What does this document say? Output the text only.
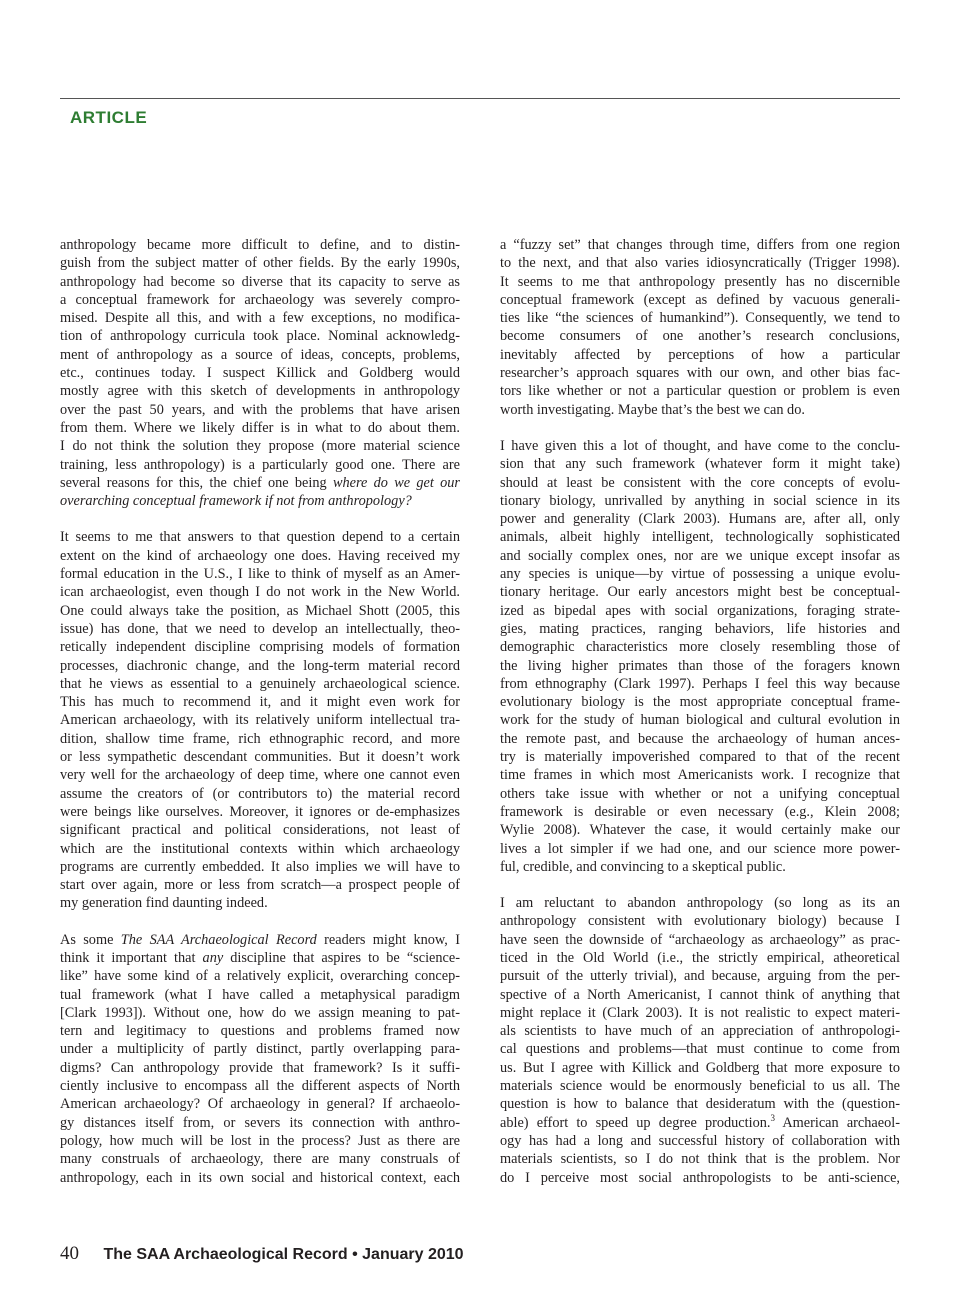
ARTICLE

anthropology became more difficult to define, and to distin-
guish from the subject matter of other fields. By the early 1990s,
anthropology had become so diverse that its capacity to serve as
a conceptual framework for archaeology was severely compro-
mised. Despite all this, and with a few exceptions, no modifica-
tion of anthropology curricula took place. Nominal acknowledg-
ment of anthropology as a source of ideas, concepts, problems,
etc., continues today. I suspect Killick and Goldberg would
mostly agree with this sketch of developments in anthropology
over the past 50 years, and with the problems that have arisen
from them. Where we likely differ is in what to do about them.
I do not think the solution they propose (more material science
training, less anthropology) is a particularly good one. There are
several reasons for this, the chief one being where do we get our
overarching conceptual framework if not from anthropology?

It seems to me that answers to that question depend to a certain
extent on the kind of archaeology one does. Having received my
formal education in the U.S., I like to think of myself as an Amer-
ican archaeologist, even though I do not work in the New World.
One could always take the position, as Michael Shott (2005, this
issue) has done, that we need to develop an intellectually, theo-
retically independent discipline comprising models of formation
processes, diachronic change, and the long-term material record
that he views as essential to a genuinely archaeological science.
This has much to recommend it, and it might even work for
American archaeology, with its relatively uniform intellectual tra-
dition, shallow time frame, rich ethnographic record, and more
or less sympathetic descendant communities. But it doesn’t work
very well for the archaeology of deep time, where one cannot even
assume the creators of (or contributors to) the material record
were beings like ourselves. Moreover, it ignores or de-emphasizes
significant practical and political considerations, not least of
which are the institutional contexts within which archaeology
programs are currently embedded. It also implies we will have to
start over again, more or less from scratch—a prospect people of
my generation find daunting indeed.

As some The SAA Archaeological Record readers might know, I
think it important that any discipline that aspires to be “science-
like” have some kind of a relatively explicit, overarching concep-
tual framework (what I have called a metaphysical paradigm
[Clark 1993]). Without one, how do we assign meaning to pat-
tern and legitimacy to questions and problems framed now
under a multiplicity of partly distinct, partly overlapping para-
digms? Can anthropology provide that framework? Is it suffi-
ciently inclusive to encompass all the different aspects of North
American archaeology? Of archaeology in general? If archaeolo-
gy distances itself from, or severs its connection with anthro-
pology, how much will be lost in the process? Just as there are
many construals of archaeology, there are many construals of
anthropology, each in its own social and historical context, each

a “fuzzy set” that changes through time, differs from one region
to the next, and that also varies idiosyncratically (Trigger 1998).
It seems to me that anthropology presently has no discernible
conceptual framework (except as defined by vacuous generali-
ties like “the sciences of humankind”). Consequently, we tend to
become consumers of one another’s research conclusions,
inevitably affected by perceptions of how a particular
researcher’s approach squares with our own, and other bias fac-
tors like whether or not a particular question or problem is even
worth investigating. Maybe that’s the best we can do.

I have given this a lot of thought, and have come to the conclu-
sion that any such framework (whatever form it might take)
should at least be consistent with the core concepts of evolu-
tionary biology, unrivalled by anything in social science in its
power and generality (Clark 2003). Humans are, after all, only
animals, albeit highly intelligent, technologically sophisticated
and socially complex ones, nor are we unique except insofar as
any species is unique—by virtue of possessing a unique evolu-
tionary heritage. Our early ancestors might best be conceptual-
ized as bipedal apes with social organizations, foraging strate-
gies, mating practices, ranging behaviors, life histories and
demographic characteristics more closely resembling those of
the living higher primates than those of the foragers known
from ethnography (Clark 1997). Perhaps I feel this way because
evolutionary biology is the most appropriate conceptual frame-
work for the study of human biological and cultural evolution in
the remote past, and because the archaeology of human ances-
try is materially impoverished compared to that of the recent
time frames in which most Americanists work. I recognize that
others take issue with whether or not a unifying conceptual
framework is desirable or even necessary (e.g., Klein 2008;
Wylie 2008). Whatever the case, it would certainly make our
lives a lot simpler if we had one, and our science more power-
ful, credible, and convincing to a skeptical public.

I am reluctant to abandon anthropology (so long as its an
anthropology consistent with evolutionary biology) because I
have seen the downside of “archaeology as archaeology” as prac-
ticed in the Old World (i.e., the strictly empirical, atheoretical
pursuit of the utterly trivial), and because, arguing from the per-
spective of a North Americanist, I cannot think of anything that
might replace it (Clark 2003). It is not realistic to expect materi-
als scientists to have much of an appreciation of anthropologi-
cal questions and problems—that must continue to come from
us. But I agree with Killick and Goldberg that more exposure to
materials science would be enormously beneficial to us all. The
question is how to balance that desideratum with the (question-
able) effort to speed up degree production.$^3$ American archaeol-
ogy has had a long and successful history of collaboration with
materials scientists, so I do not think that is the problem. Nor
do I perceive most social anthropologists to be anti-science,

40 The SAA Archaeological Record • January 2010
